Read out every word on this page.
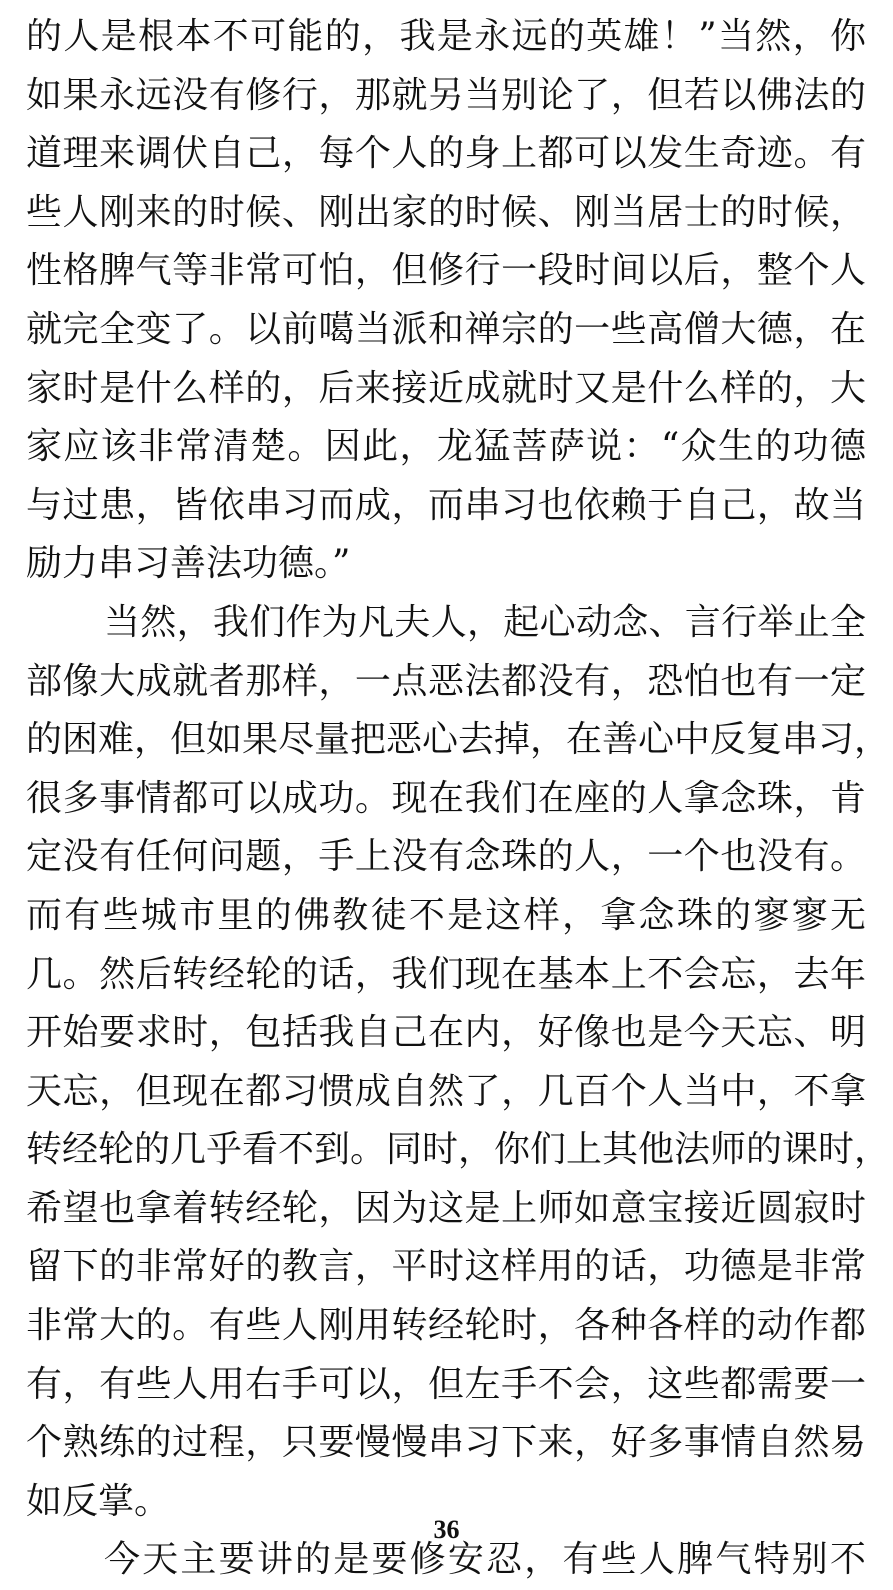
的人是根本不可能的，我是永远的英雄！”当然，你
如果永远没有修行，那就另当别论了，但若以佛法的
道理来调伏自己，每个人的身上都可以发生奇迹。有
些人刚来的时候、刚出家的时候、刚当居士的时候，
性格脾气等非常可怕，但修行一段时间以后，整个人
就完全变了。以前噶当派和禅宗的一些高僧大德，在
家时是什么样的，后来接近成就时又是什么样的，大
家应该非常清楚。因此，龙猛菩萨说：“众生的功德
与过患，皆依串习而成，而串习也依赖于自己，故当
励力串习善法功德。”
当然，我们作为凡夫人，起心动念、言行举止全
部像大成就者那样，一点恶法都没有，恐怕也有一定
的困难，但如果尽量把恶心去掉，在善心中反复串习，
很多事情都可以成功。现在我们在座的人拿念珠，肯
定没有任何问题，手上没有念珠的人，一个也没有。
而有些城市里的佛教徒不是这样，拿念珠的寥寥无
几。然后转经轮的话，我们现在基本上不会忘，去年
开始要求时，包括我自己在内，好像也是今天忘、明
天忘，但现在都习惯成自然了，几百个人当中，不拿
转经轮的几乎看不到。同时，你们上其他法师的课时，
希望也拿着转经轮，因为这是上师如意宝接近圆寂时
留下的非常好的教言，平时这样用的话，功德是非常
非常大的。有些人刚用转经轮时，各种各样的动作都
有，有些人用右手可以，但左手不会，这些都需要一
个熟练的过程，只要慢慢串习下来，好多事情自然易
如反掌。
今天主要讲的是要修安忍，有些人脾气特别不
36
